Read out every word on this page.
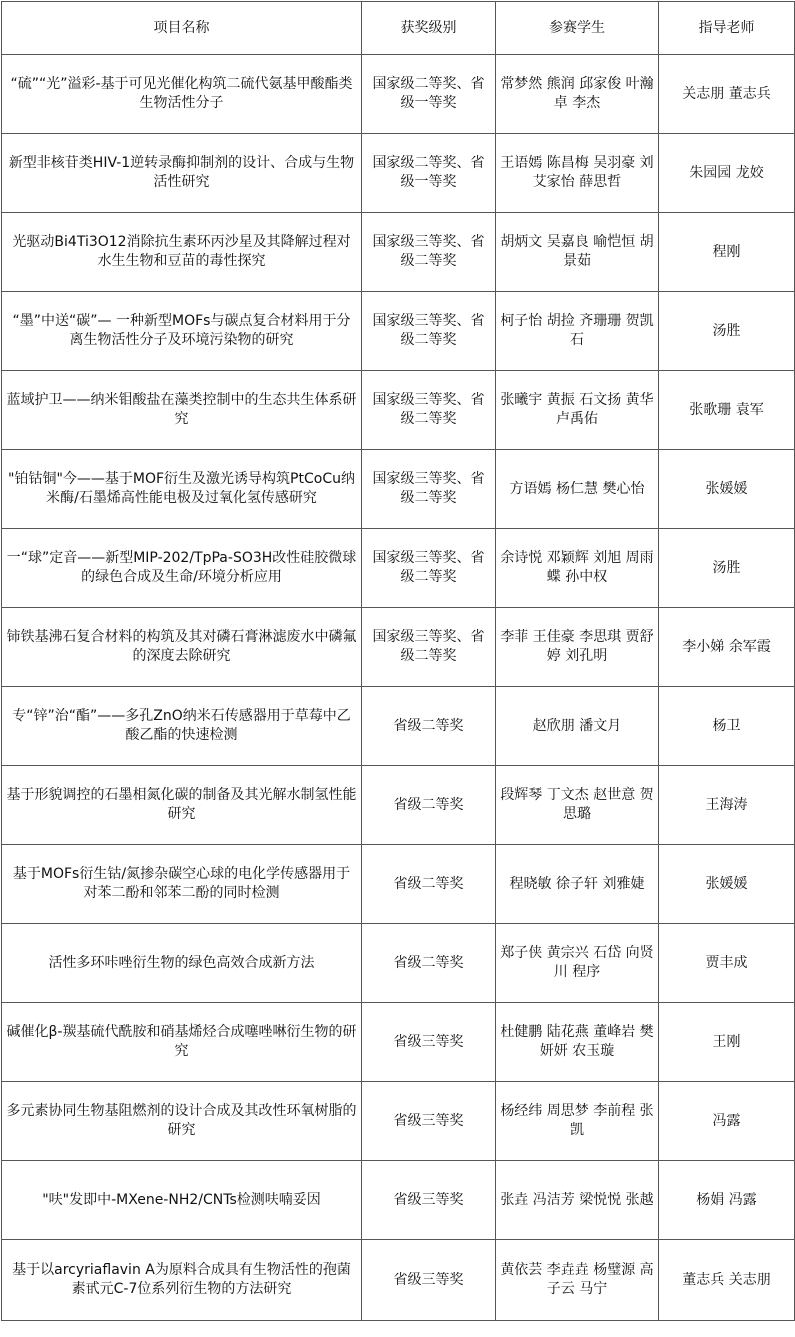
项目名称	获奖级别	参赛学生	指导老师
“硫”“光”溢彩-基于可见光催化构筑二硫代氨基甲酸酯类生物活性分子	国家级二等奖、省级一等奖	常梦然 熊润 邱家俊 叶瀚卓 李杰	关志朋 董志兵
新型非核苷类HIV-1逆转录酶抑制剂的设计、合成与生物活性研究	国家级二等奖、省级一等奖	王语嫣 陈昌梅 吴羽豪 刘艾家怡 薛思哲	朱园园 龙姣
光驱动Bi4Ti3O12消除抗生素环丙沙星及其降解过程对水生生物和豆苗的毒性探究	国家级三等奖、省级二等奖	胡炳文 吴嘉良 喻恺恒 胡景茹	程刚
“墨”中送“碳”— 一种新型MOFs与碳点复合材料用于分离生物活性分子及环境污染物的研究	国家级三等奖、省级二等奖	柯子怡 胡捡 齐珊珊 贺凯石	汤胜
蓝域护卫——纳米钼酸盐在藻类控制中的生态共生体系研究	国家级三等奖、省级二等奖	张曦宇 黄振 石文扬 黄华 卢禹佑	张歌珊 袁军
"铂钴铜"今——基于MOF衍生及激光诱导构筑PtCoCu纳米酶/石墨烯高性能电极及过氧化氢传感研究	国家级三等奖、省级二等奖	方语嫣 杨仁慧 樊心怡	张媛媛
一“球”定音——新型MIP-202/TpPa-SO3H改性硅胶微球的绿色合成及生命/环境分析应用	国家级三等奖、省级二等奖	余诗悦 邓颖辉 刘旭 周雨蝶 孙中权	汤胜
铈铁基沸石复合材料的构筑及其对磷石膏淋滤废水中磷氟的深度去除研究	国家级三等奖、省级二等奖	李菲 王佳豪 李思琪 贾舒婷 刘孔明	李小娣 余军霞
专“锌”治“酯”——多孔ZnO纳米石传感器用于草莓中乙酸乙酯的快速检测	省级二等奖	赵欣朋 潘文月	杨卫
基于形貌调控的石墨相氮化碳的制备及其光解水制氢性能研究	省级二等奖	段辉琴 丁文杰 赵世意 贺思璐	王海涛
基于MOFs衍生钴/氮掺杂碳空心球的电化学传感器用于对苯二酚和邻苯二酚的同时检测	省级二等奖	程晓敏 徐子轩 刘雅婕	张媛媛
活性多环咔唑衍生物的绿色高效合成新方法	省级二等奖	郑子侠 黄宗兴 石岱 向贤川 程序	贾丰成
碱催化β-羰基硫代酰胺和硝基烯烃合成噻唑啉衍生物的研究	省级三等奖	杜健鹏 陆花燕 董峰岩 樊妍妍 农玉璇	王刚
多元素协同生物基阻燃剂的设计合成及其改性环氧树脂的研究	省级三等奖	杨经纬 周思梦 李前程 张凯	冯露
"呋"发即中-MXene-NH2/CNTs检测呋喃妥因	省级三等奖	张垚 冯洁芳 梁悦悦 张越	杨娟 冯露
基于以arcyriaflavin A为原料合成具有生物活性的孢菌素甙元C-7位系列衍生物的方法研究	省级三等奖	黄依芸 李垚垚 杨璧源 高子云 马宁	董志兵 关志朋
